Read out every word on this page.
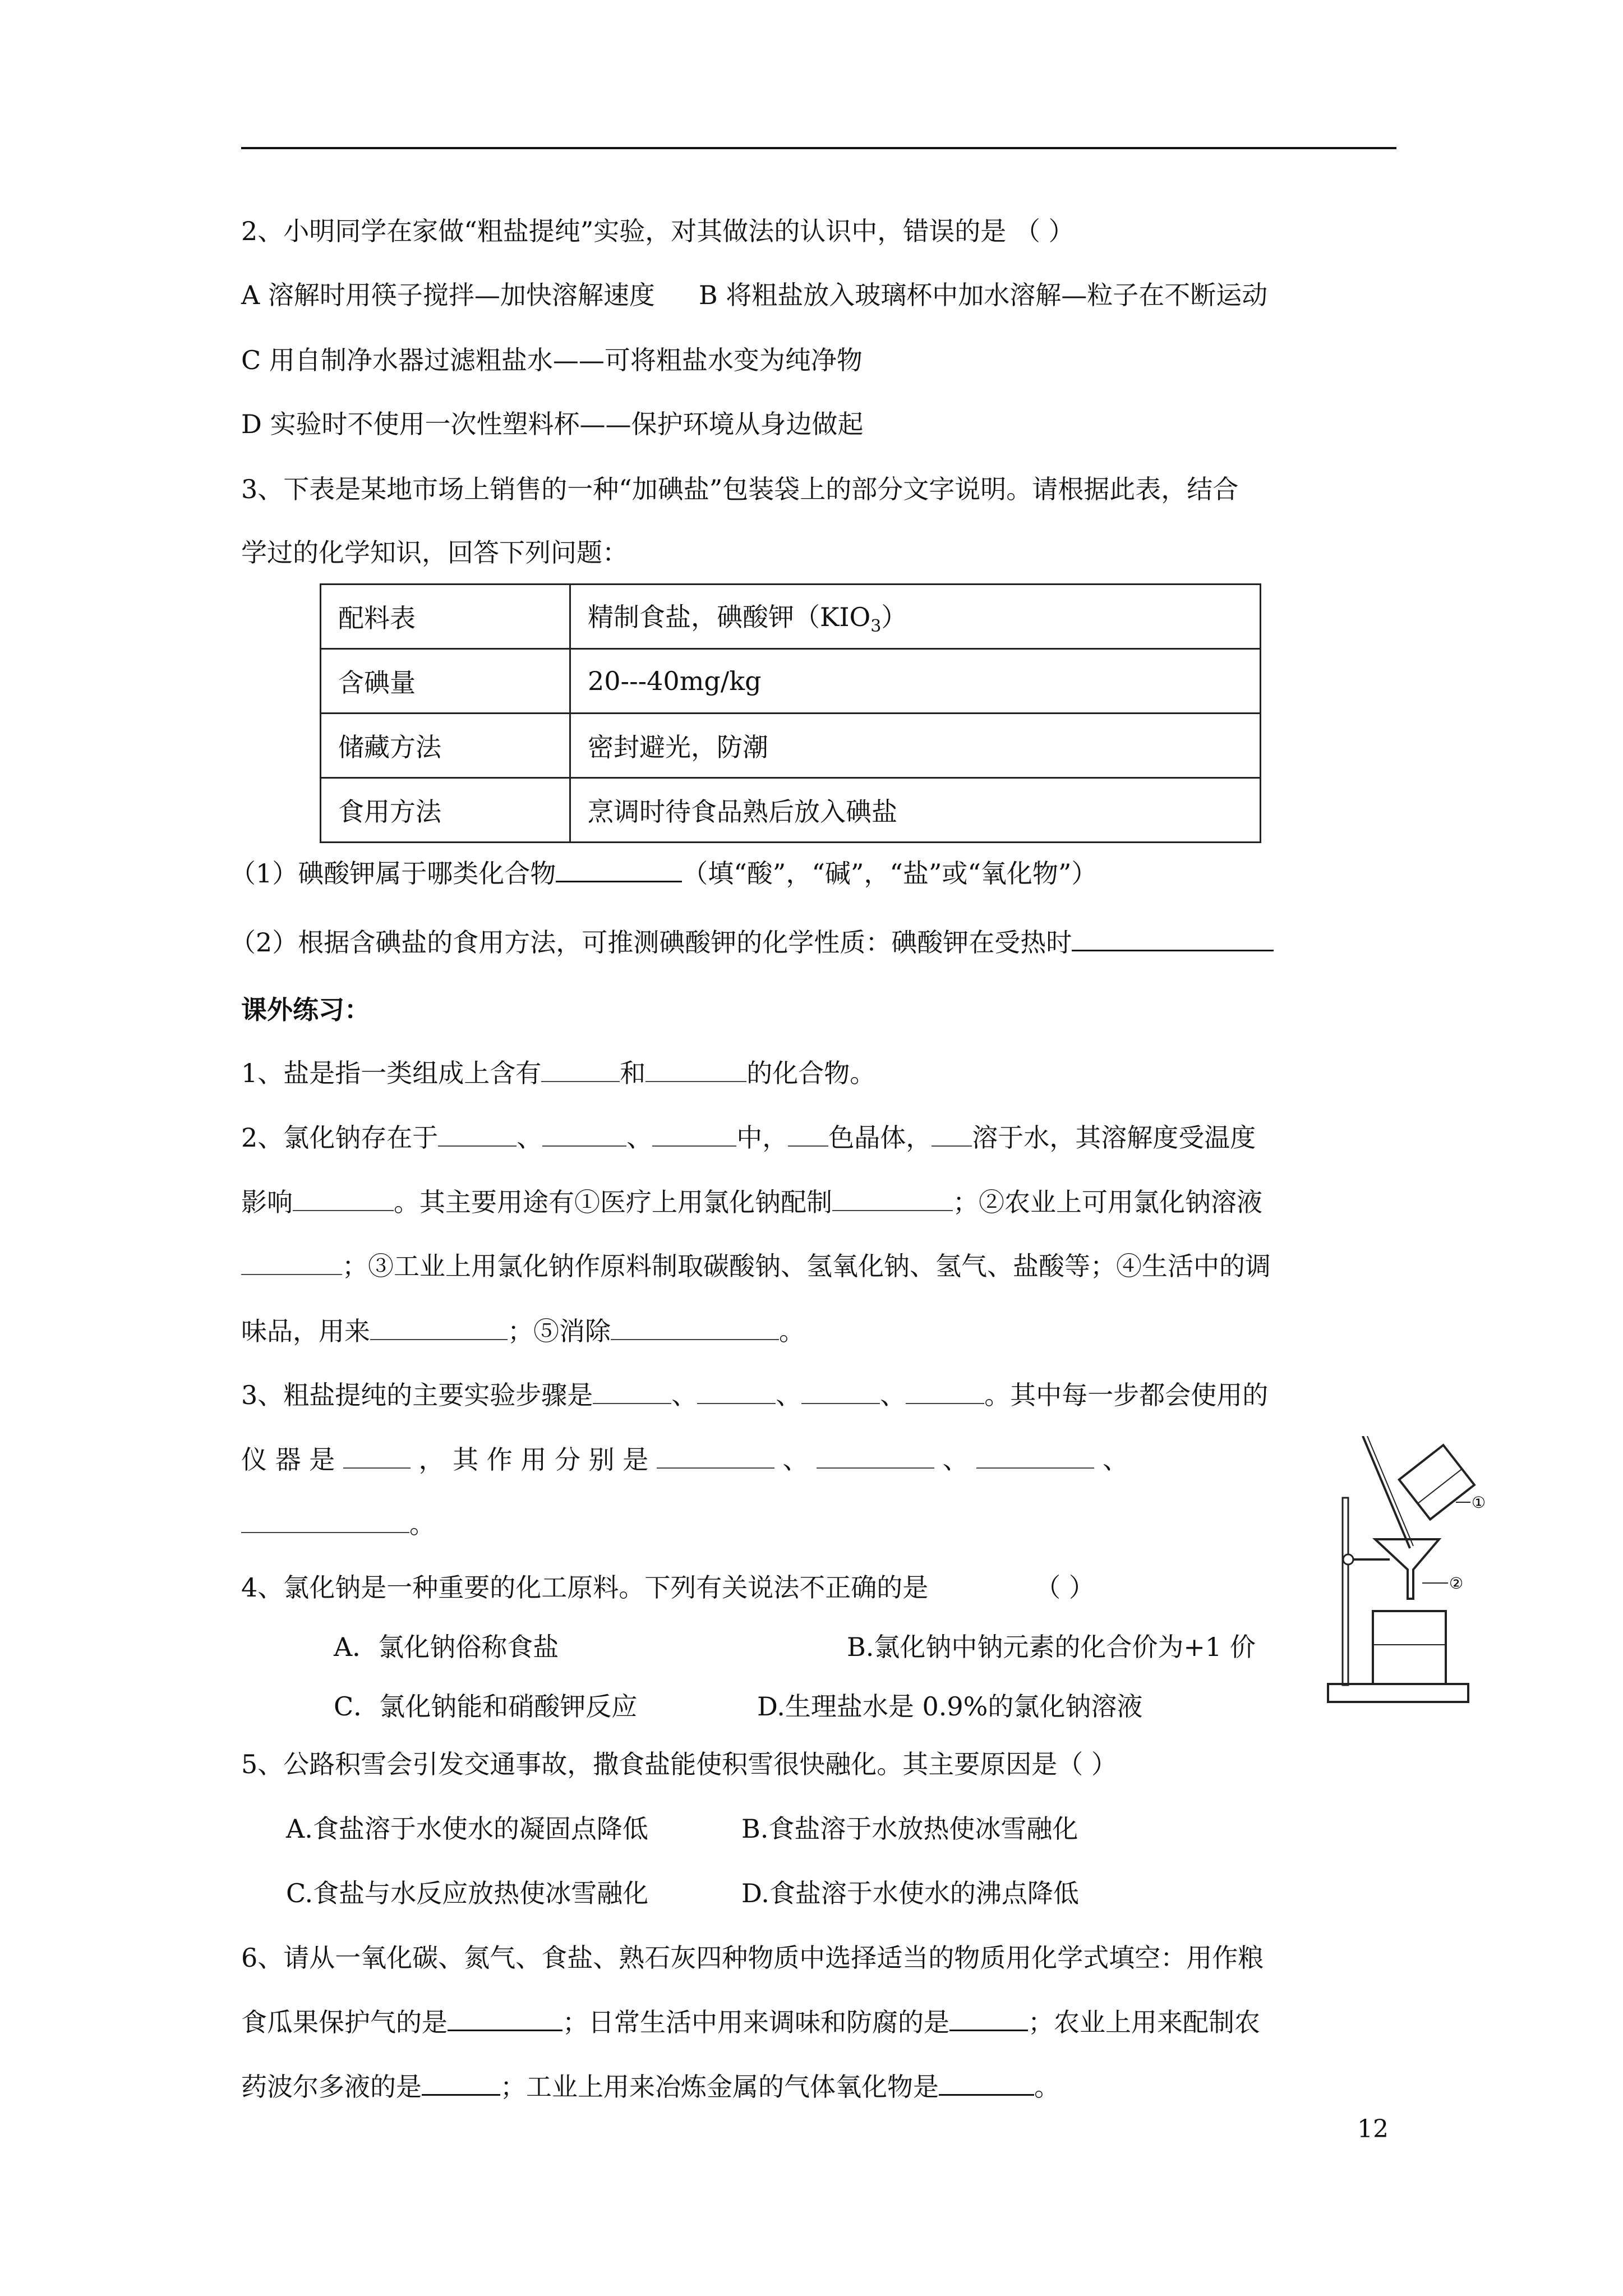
2、小明同学在家做“粗盐提纯”实验，对其做法的认识中，错误的是 （ ）
A 溶解时用筷子搅拌—加快溶解速度 B 将粗盐放入玻璃杯中加水溶解—粒子在不断运动
C 用自制净水器过滤粗盐水——可将粗盐水变为纯净物
D 实验时不使用一次性塑料杯——保护环境从身边做起
3、下表是某地市场上销售的一种“加碘盐”包装袋上的部分文字说明。请根据此表，结合
学过的化学知识，回答下列问题：
配料表	精制食盐，碘酸钾$(KIO_3)$
含碘量	20---40mg/kg
储藏方法	密封避光，防潮
食用方法	烹调时待食品熟后放入碘盐
（1）碘酸钾属于哪类化合物	（填“酸”，“碱”，“盐”或“氧化物”）
（2）根据含碘盐的食用方法，可推测碘酸钾的化学性质：碘酸钾在受热时
课外练习：
1、盐是指一类组成上含有	和	的化合物。
2、氯化钠存在于	、	、	中， 色晶体， 溶于水，其溶解度受温度
影响	。其主要用途有①医疗上用氯化钠配制	；②农业上可用氯化钠溶液
；③工业上用氯化钠作原料制取碳酸钠、氢氧化钠、氢气、盐酸等；④生活中的调
味品，用来	；⑤消除	。
3、粗盐提纯的主要实验步骤是	、	、	、	。其中每一步都会使用的
仪 器 是	， 其 作 用 分 别 是	、	、	、
。
4、氯化钠是一种重要的化工原料。下列有关说法不正确的是	（ ）
A．氯化钠俗称食盐	B.氯化钠中钠元素的化合价为+1 价
C．氯化钠能和硝酸钾反应	D.生理盐水是 0.9%的氯化钠溶液
①
②
5、公路积雪会引发交通事故，撒食盐能使积雪很快融化。其主要原因是（ ）
A.食盐溶于水使水的凝固点降低	B.食盐溶于水放热使冰雪融化
C.食盐与水反应放热使冰雪融化	D.食盐溶于水使水的沸点降低
6、请从一氧化碳、氮气、食盐、熟石灰四种物质中选择适当的物质用化学式填空：用作粮
食瓜果保护气的是	；日常生活中用来调味和防腐的是	；农业上用来配制农
药波尔多液的是	；工业上用来冶炼金属的气体氧化物是	。
12
